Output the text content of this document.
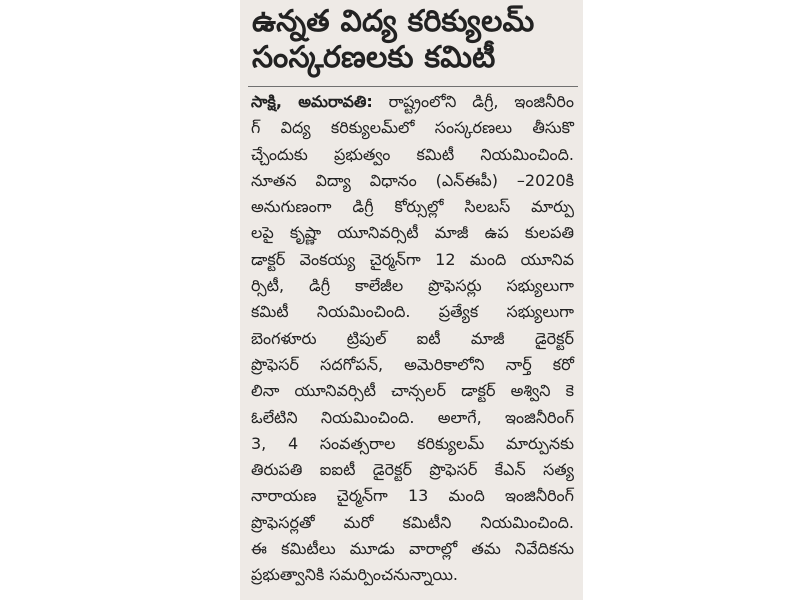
ఉన్నత విద్య కరిక్యులమ్
సంస్కరణలకు కమిటీ
సాక్షి, అమరావతి: రాష్ట్రంలోని డిగ్రీ, ఇంజినీరిం
గ్ విద్య కరిక్యులమ్‌లో సంస్కరణలు తీసుకొ
చ్చేందుకు ప్రభుత్వం కమిటీ నియమించింది.
నూతన విద్యా విధానం (ఎన్‌ఈపీ) –2020కి
అనుగుణంగా డిగ్రీ కోర్సుల్లో సిలబస్ మార్పు
లపై కృష్ణా యూనివర్సిటీ మాజీ ఉప కులపతి
డాక్టర్ వెంకయ్య చైర్మన్‌గా 12 మంది యూనివ
ర్సిటీ, డిగ్రీ కాలేజీల ప్రొఫెసర్లు సభ్యులుగా
కమిటీ నియమించింది. ప్రత్యేక సభ్యులుగా
బెంగళూరు ట్రిపుల్ ఐటీ మాజీ డైరెక్టర్
ప్రొఫెసర్ సదగోపన్, అమెరికాలోని నార్త్ కరో
లినా యూనివర్సిటీ చాన్సలర్ డాక్టర్ అశ్విని కె
ఓలేటిని నియమించింది. అలాగే, ఇంజినీరింగ్
3, 4 సంవత్సరాల కరిక్యులమ్ మార్పునకు
తిరుపతి ఐఐటీ డైరెక్టర్ ప్రొఫెసర్ కేఎన్ సత్య
నారాయణ చైర్మన్‌గా 13 మంది ఇంజినీరింగ్
ప్రొఫెసర్లతో మరో కమిటీని నియమించింది.
ఈ కమిటీలు మూడు వారాల్లో తమ నివేదికను
ప్రభుత్వానికి సమర్పించనున్నాయి.
